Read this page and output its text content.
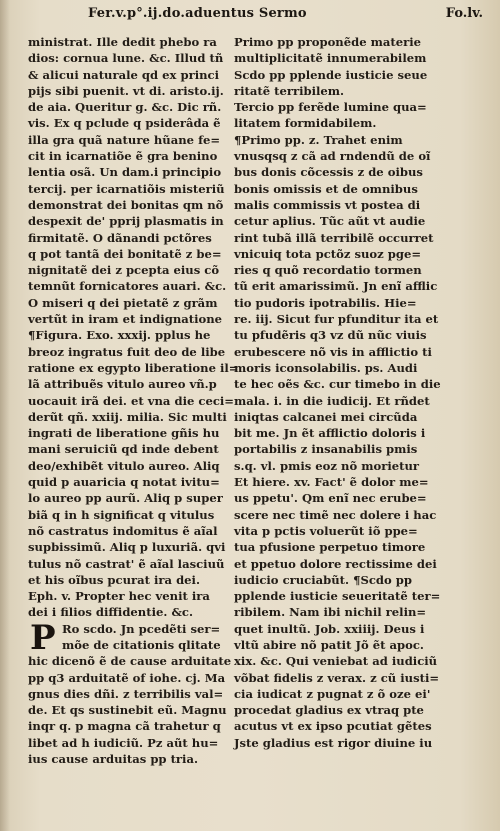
Fer.v.p°.ij.do.aduentus Sermo	Fo.lv.
ministrat. Ille dedit phebo ra
dios: cornua lune. &c. Illud tñ
& alicui naturale qd ex princi
pijs sibi puenit. vt di. aristo.ij.
de aia. Queritur g. &c. Dic rñ.
vis. Ex q pclude q psiderâda ẽ
illa gra quã nature hũane fe=
cit in icarnatiõe ẽ gra benino
lentia osã. Un dam.i principio
tercij. per icarnatiõis misteriũ
demonstrat dei bonitas qm nõ
despexit de' pprij plasmatis in
firmitatẽ. O dãnandi pctõres
q pot tantã dei bonitatẽ z be=
nignitatẽ dei z pcepta eius cõ
temnũt fornicatores auari. &c.
O miseri q dei pietatẽ z grãm
vertũt in iram et indignatione
¶Figura. Exo. xxxij. pplus he
breoz ingratus fuit deo de libe
ratione ex egypto liberatione il=
lã attribuẽs vitulo aureo vñ.p
uocauit irã dei. et vna die ceci=
derũt qñ. xxiij. milia. Sic multi
ingrati de liberatione gñis hu
mani seruiciũ qd inde debent
deo/exhibẽt vitulo aureo. Aliq
quid p auaricia q notat ivitu=
lo aureo pp aurũ. Aliq p super
biã q in h significat q vitulus
nõ castratus indomitus ẽ aĩal
supbissimũ. Aliq p luxuriã. qvi
tulus nõ castrat' ẽ aĩal lasciuũ
et his oĩbus pcurat ira dei.
Eph. v. Propter hec venit ira
dei i filios diffidentie. &c.
P Ro scdo. Jn pcedẽti ser=
mõe de citationis qlitate
hic dicenõ ẽ de cause arduitate
pp q3 arduitatẽ of iohe. cj. Ma
gnus dies dñi. z terribilis val=
de. Et qs sustinebit eũ. Magnu
inqr q. p magna cã trahetur q
libet ad h iudiciũ. Pz aũt hu=
ius cause arduitas pp tria.
Primo pp proponẽde materie
multiplicitatẽ innumerabilem
Scdo pp pplende iusticie seue
ritatẽ terribilem.
Tercio pp ferẽde lumine qua=
litatem formidabilem.
¶Primo pp. z. Trahet enim
vnusqsq z cã ad rndendũ de oĩ
bus donis cõcessis z de oibus
bonis omissis et de omnibus
malis commissis vt postea di
cetur aplius. Tũc aũt vt audie
rint tubã illã terribilẽ occurret
vnicuiq tota pctõz suoz pge=
ries q quõ recordatio tormen
tũ erit amarissimũ. Jn enĩ afflic
tio pudoris ipotrabilis. Hie=
re. iij. Sicut fur pfunditur ita et
tu pfudẽris q3 vz dũ nũc viuis
erubescere nõ vis in afflictio ti
moris iconsolabilis. ps. Audi
te hec oẽs &c. cur timebo in die
mala. i. in die iudicij. Et rñdet
iniqtas calcanei mei circũda
bit me. Jn ẽt afflictio doloris i
portabilis z insanabilis pmis
s.q. vl. pmis eoz nõ morietur
Et hiere. xv. Fact' ẽ dolor me=
us ppetu'. Qm enĩ nec erube=
scere nec timẽ nec dolere i hac
vita p pctis voluerũt iõ ppe=
tua pfusione perpetuo timore
et ppetuo dolore rectissime dei
iudicio cruciabũt. ¶Scdo pp
pplende iusticie seueritatẽ ter=
ribilem. Nam ibi nichil relin=
quet inultũ. Job. xxiiij. Deus i
vltũ abire nõ patit Jõ ẽt apoc.
xix. &c. Qui veniebat ad iudiciũ
võbat fidelis z verax. z cũ iusti=
cia iudicat z pugnat z õ oze ei'
procedat gladius ex vtraq pte
acutus vt ex ipso pcutiat gẽtes
Jste gladius est rigor diuine iu
